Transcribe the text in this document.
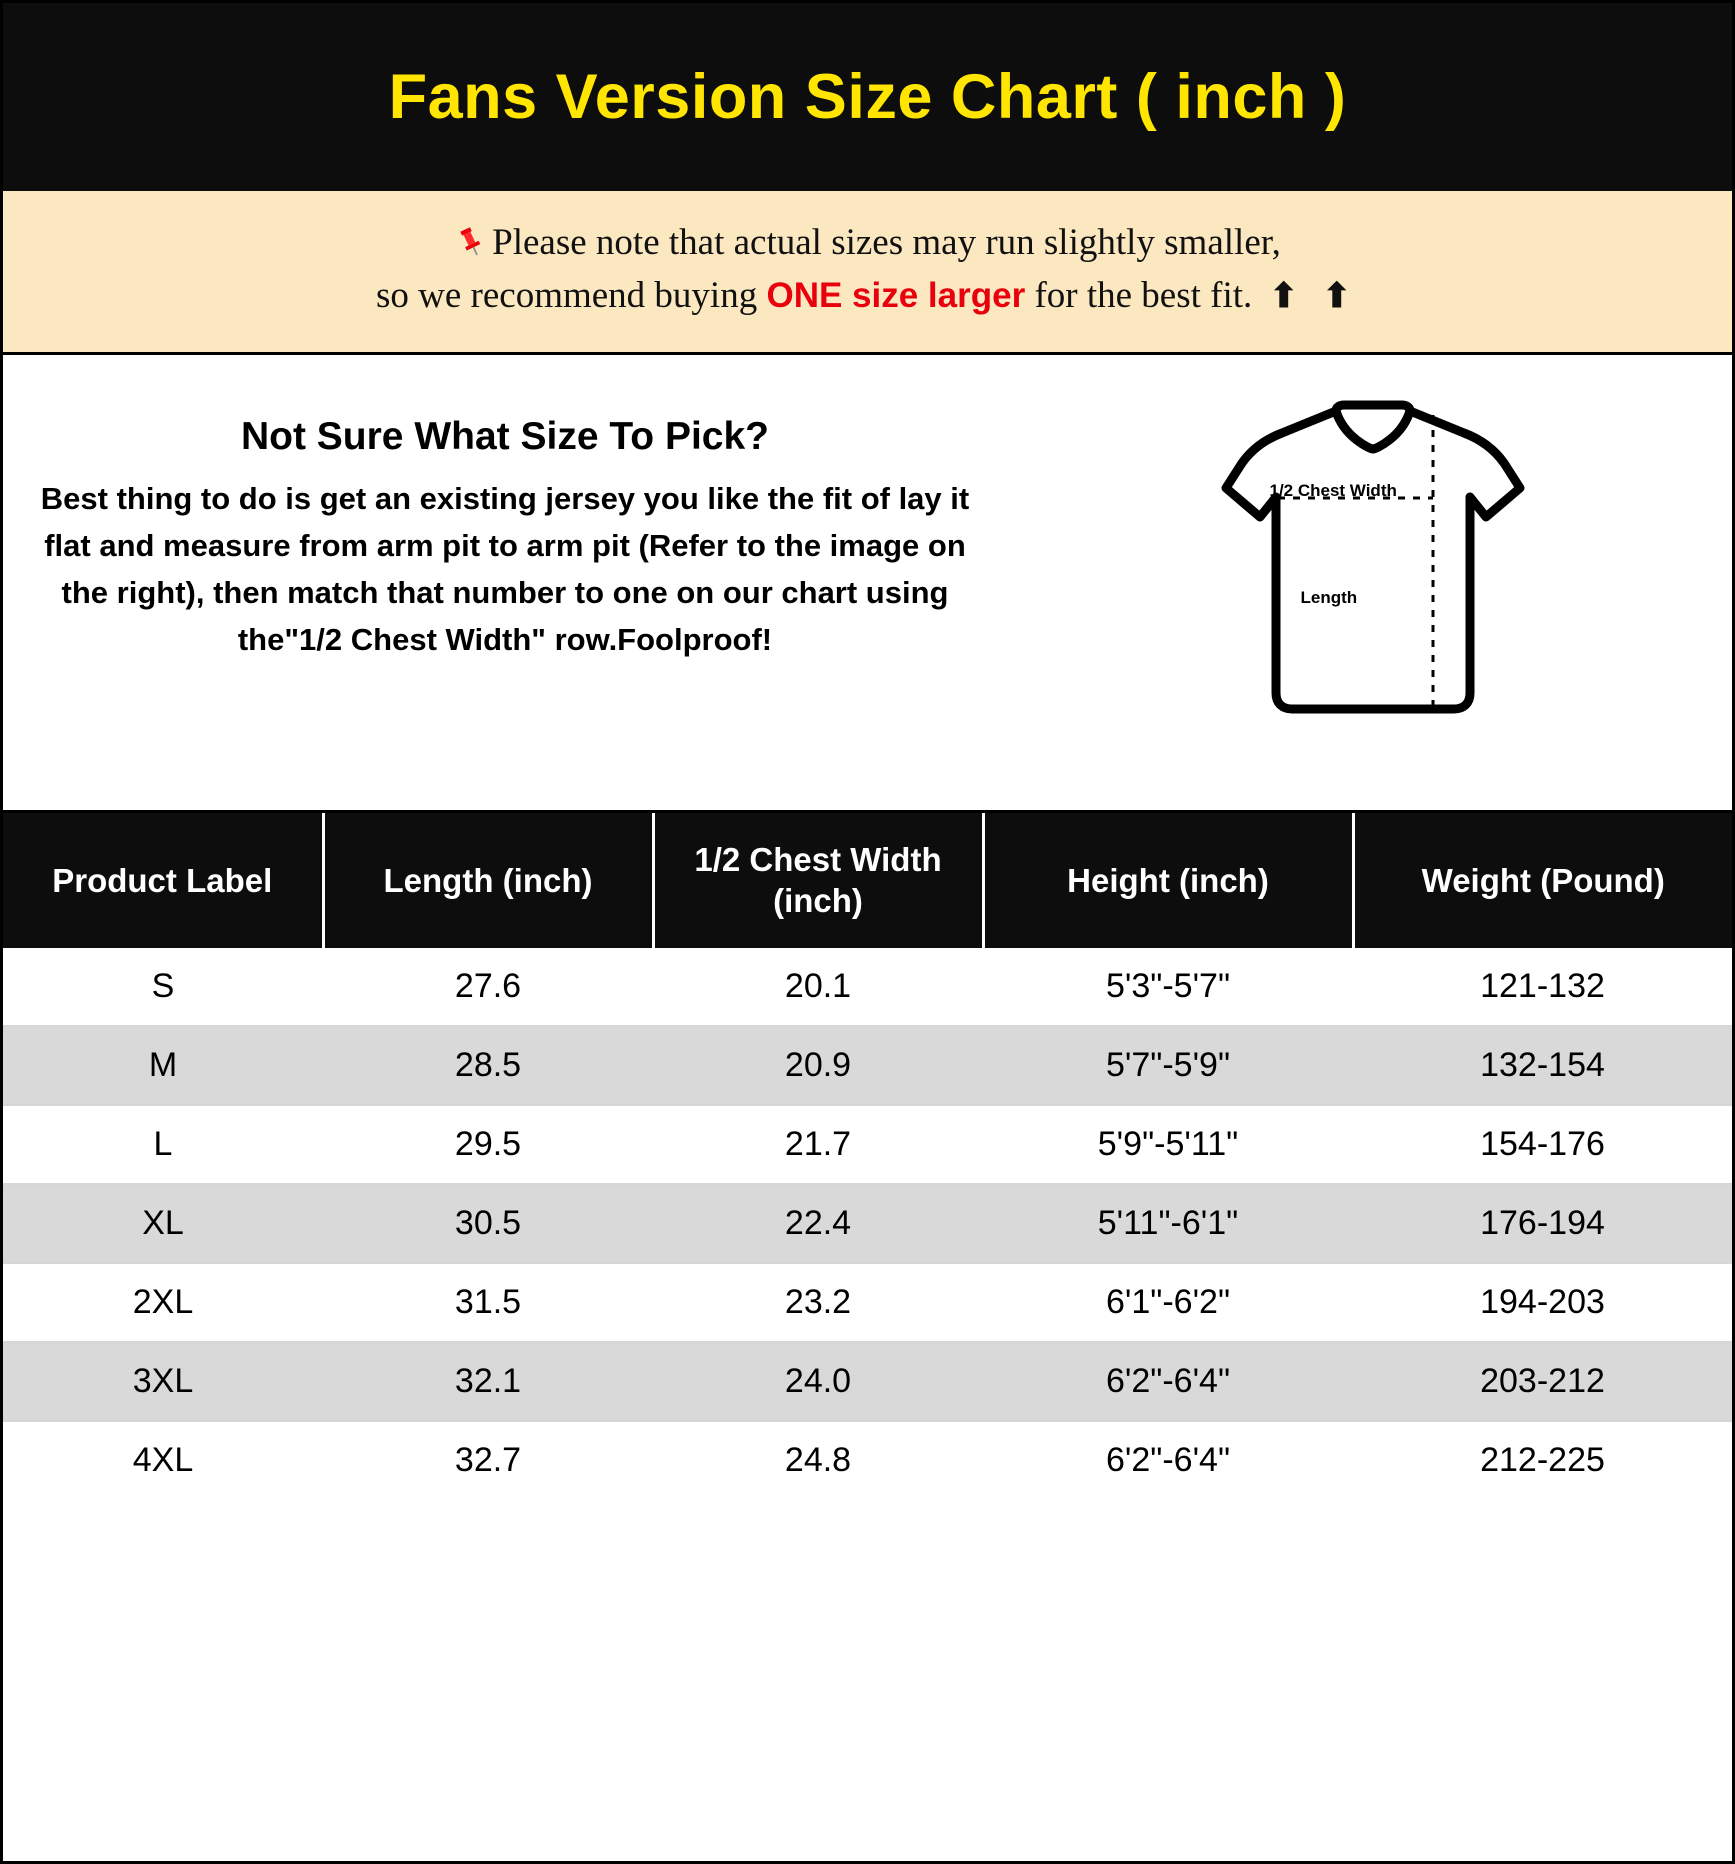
Fans Version Size Chart ( inch )
Please note that actual sizes may run slightly smaller,
so we recommend buying ONE size larger for the best fit. ⬆ ⬆
Not Sure What Size To Pick?
Best thing to do is get an existing jersey you like the fit of lay it flat and measure from arm pit to arm pit (Refer to the image on the right), then match that number to one on our chart using the"1/2 Chest Width" row.Foolproof!
1/2 Chest Width
Length
Product Label	Length (inch)	1/2 Chest Width (inch)	Height (inch)	Weight (Pound)
S	27.6	20.1	5'3"-5'7"	121-132
M	28.5	20.9	5'7"-5'9"	132-154
L	29.5	21.7	5'9"-5'11"	154-176
XL	30.5	22.4	5'11"-6'1"	176-194
2XL	31.5	23.2	6'1"-6'2"	194-203
3XL	32.1	24.0	6'2"-6'4"	203-212
4XL	32.7	24.8	6'2"-6'4"	212-225
